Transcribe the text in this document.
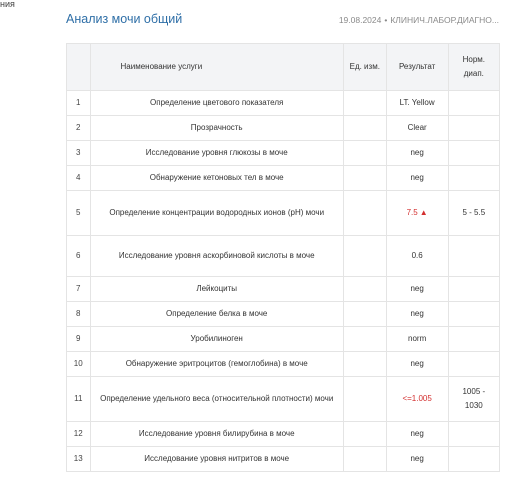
ния
Анализ мочи общий	19.08.2024 • КЛИНИЧ.ЛАБОР.ДИАГНО...
	Наименование услуги	Ед. изм.	Результат	Норм. диап.
1	Определение цветового показателя		LT. Yellow	
2	Прозрачность		Clear	
3	Исследование уровня глюкозы в моче		neg	
4	Обнаружение кетоновых тел в моче		neg	
5	Определение концентрации водородных ионов (pH) мочи		7.5 ▲	5 - 5.5
6	Исследование уровня аскорбиновой кислоты в моче		0.6	
7	Лейкоциты		neg	
8	Определение белка в моче		neg	
9	Уробилиноген		norm	
10	Обнаружение эритроцитов (гемоглобина) в моче		neg	
11	Определение удельного веса (относительной плотности) мочи		<=1.005	1005 - 1030
12	Исследование уровня билирубина в моче		neg	
13	Исследование уровня нитритов в моче		neg	
